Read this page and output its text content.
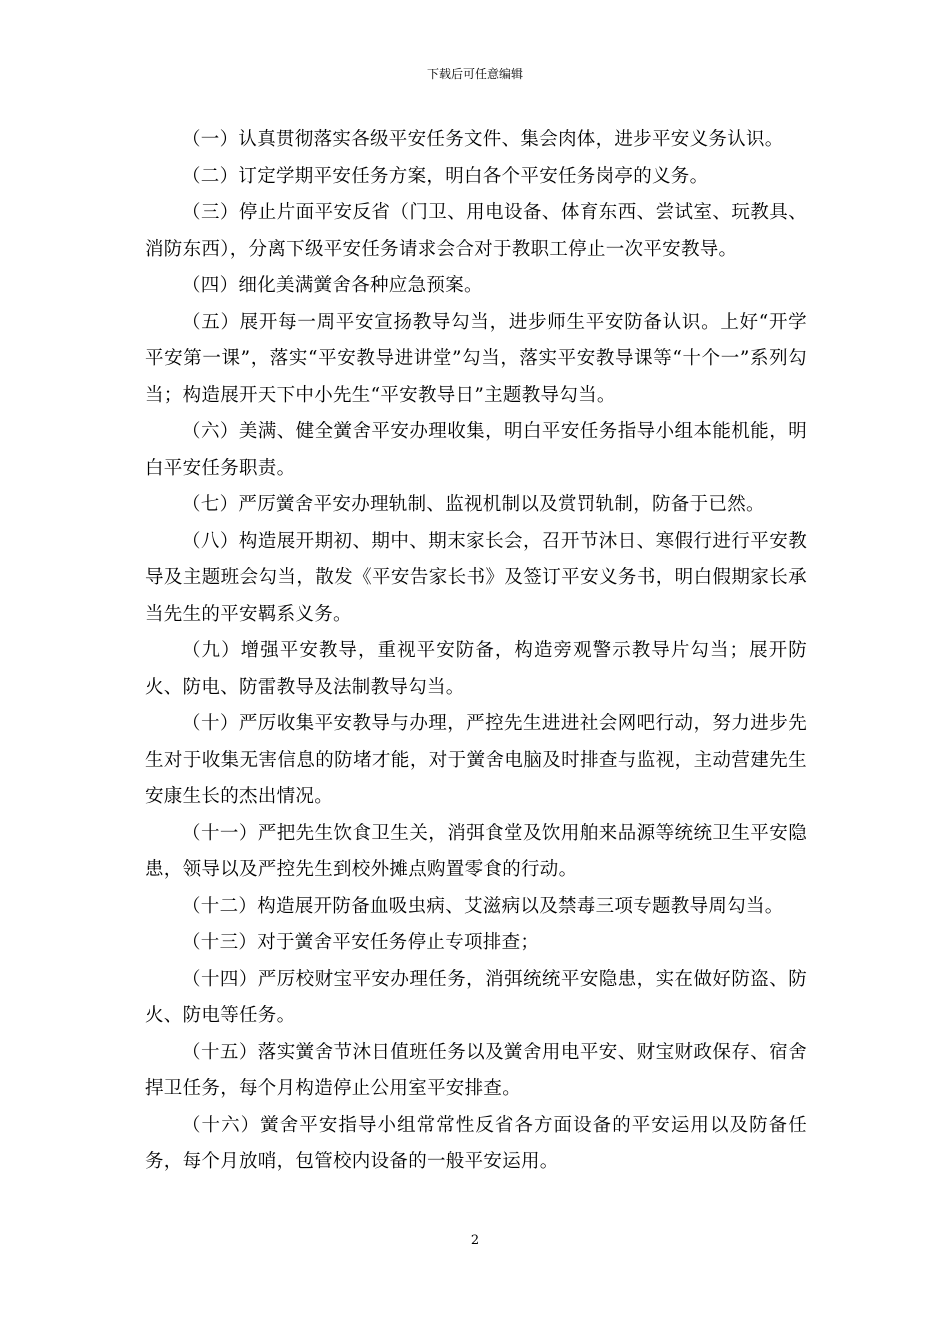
下载后可任意编辑

（一）认真贯彻落实各级平安任务文件、集会肉体，进步平安义务认识。

（二）订定学期平安任务方案，明白各个平安任务岗亭的义务。

（三）停止片面平安反省（门卫、用电设备、体育东西、尝试室、玩教具、消防东西），分离下级平安任务请求会合对于教职工停止一次平安教导。

（四）细化美满黉舍各种应急预案。

（五）展开每一周平安宣扬教导勾当，进步师生平安防备认识。上好“开学平安第一课”，落实“平安教导进讲堂”勾当，落实平安教导课等“十个一”系列勾当；构造展开天下中小先生“平安教导日”主题教导勾当。

（六）美满、健全黉舍平安办理收集，明白平安任务指导小组本能机能，明白平安任务职责。

（七）严厉黉舍平安办理轨制、监视机制以及赏罚轨制，防备于已然。

（八）构造展开期初、期中、期末家长会，召开节沐日、寒假行进行平安教导及主题班会勾当，散发《平安告家长书》及签订平安义务书，明白假期家长承当先生的平安羁系义务。

（九）增强平安教导，重视平安防备，构造旁观警示教导片勾当；展开防火、防电、防雷教导及法制教导勾当。

（十）严厉收集平安教导与办理，严控先生进进社会网吧行动，努力进步先生对于收集无害信息的防堵才能，对于黉舍电脑及时排查与监视，主动营建先生安康生长的杰出情况。

（十一）严把先生饮食卫生关，消弭食堂及饮用舶来品源等统统卫生平安隐患，领导以及严控先生到校外摊点购置零食的行动。

（十二）构造展开防备血吸虫病、艾滋病以及禁毒三项专题教导周勾当。

（十三）对于黉舍平安任务停止专项排查；

（十四）严厉校财宝平安办理任务，消弭统统平安隐患，实在做好防盗、防火、防电等任务。

（十五）落实黉舍节沐日值班任务以及黉舍用电平安、财宝财政保存、宿舍捍卫任务，每个月构造停止公用室平安排查。

（十六）黉舍平安指导小组常常性反省各方面设备的平安运用以及防备任务，每个月放哨，包管校内设备的一般平安运用。

2
